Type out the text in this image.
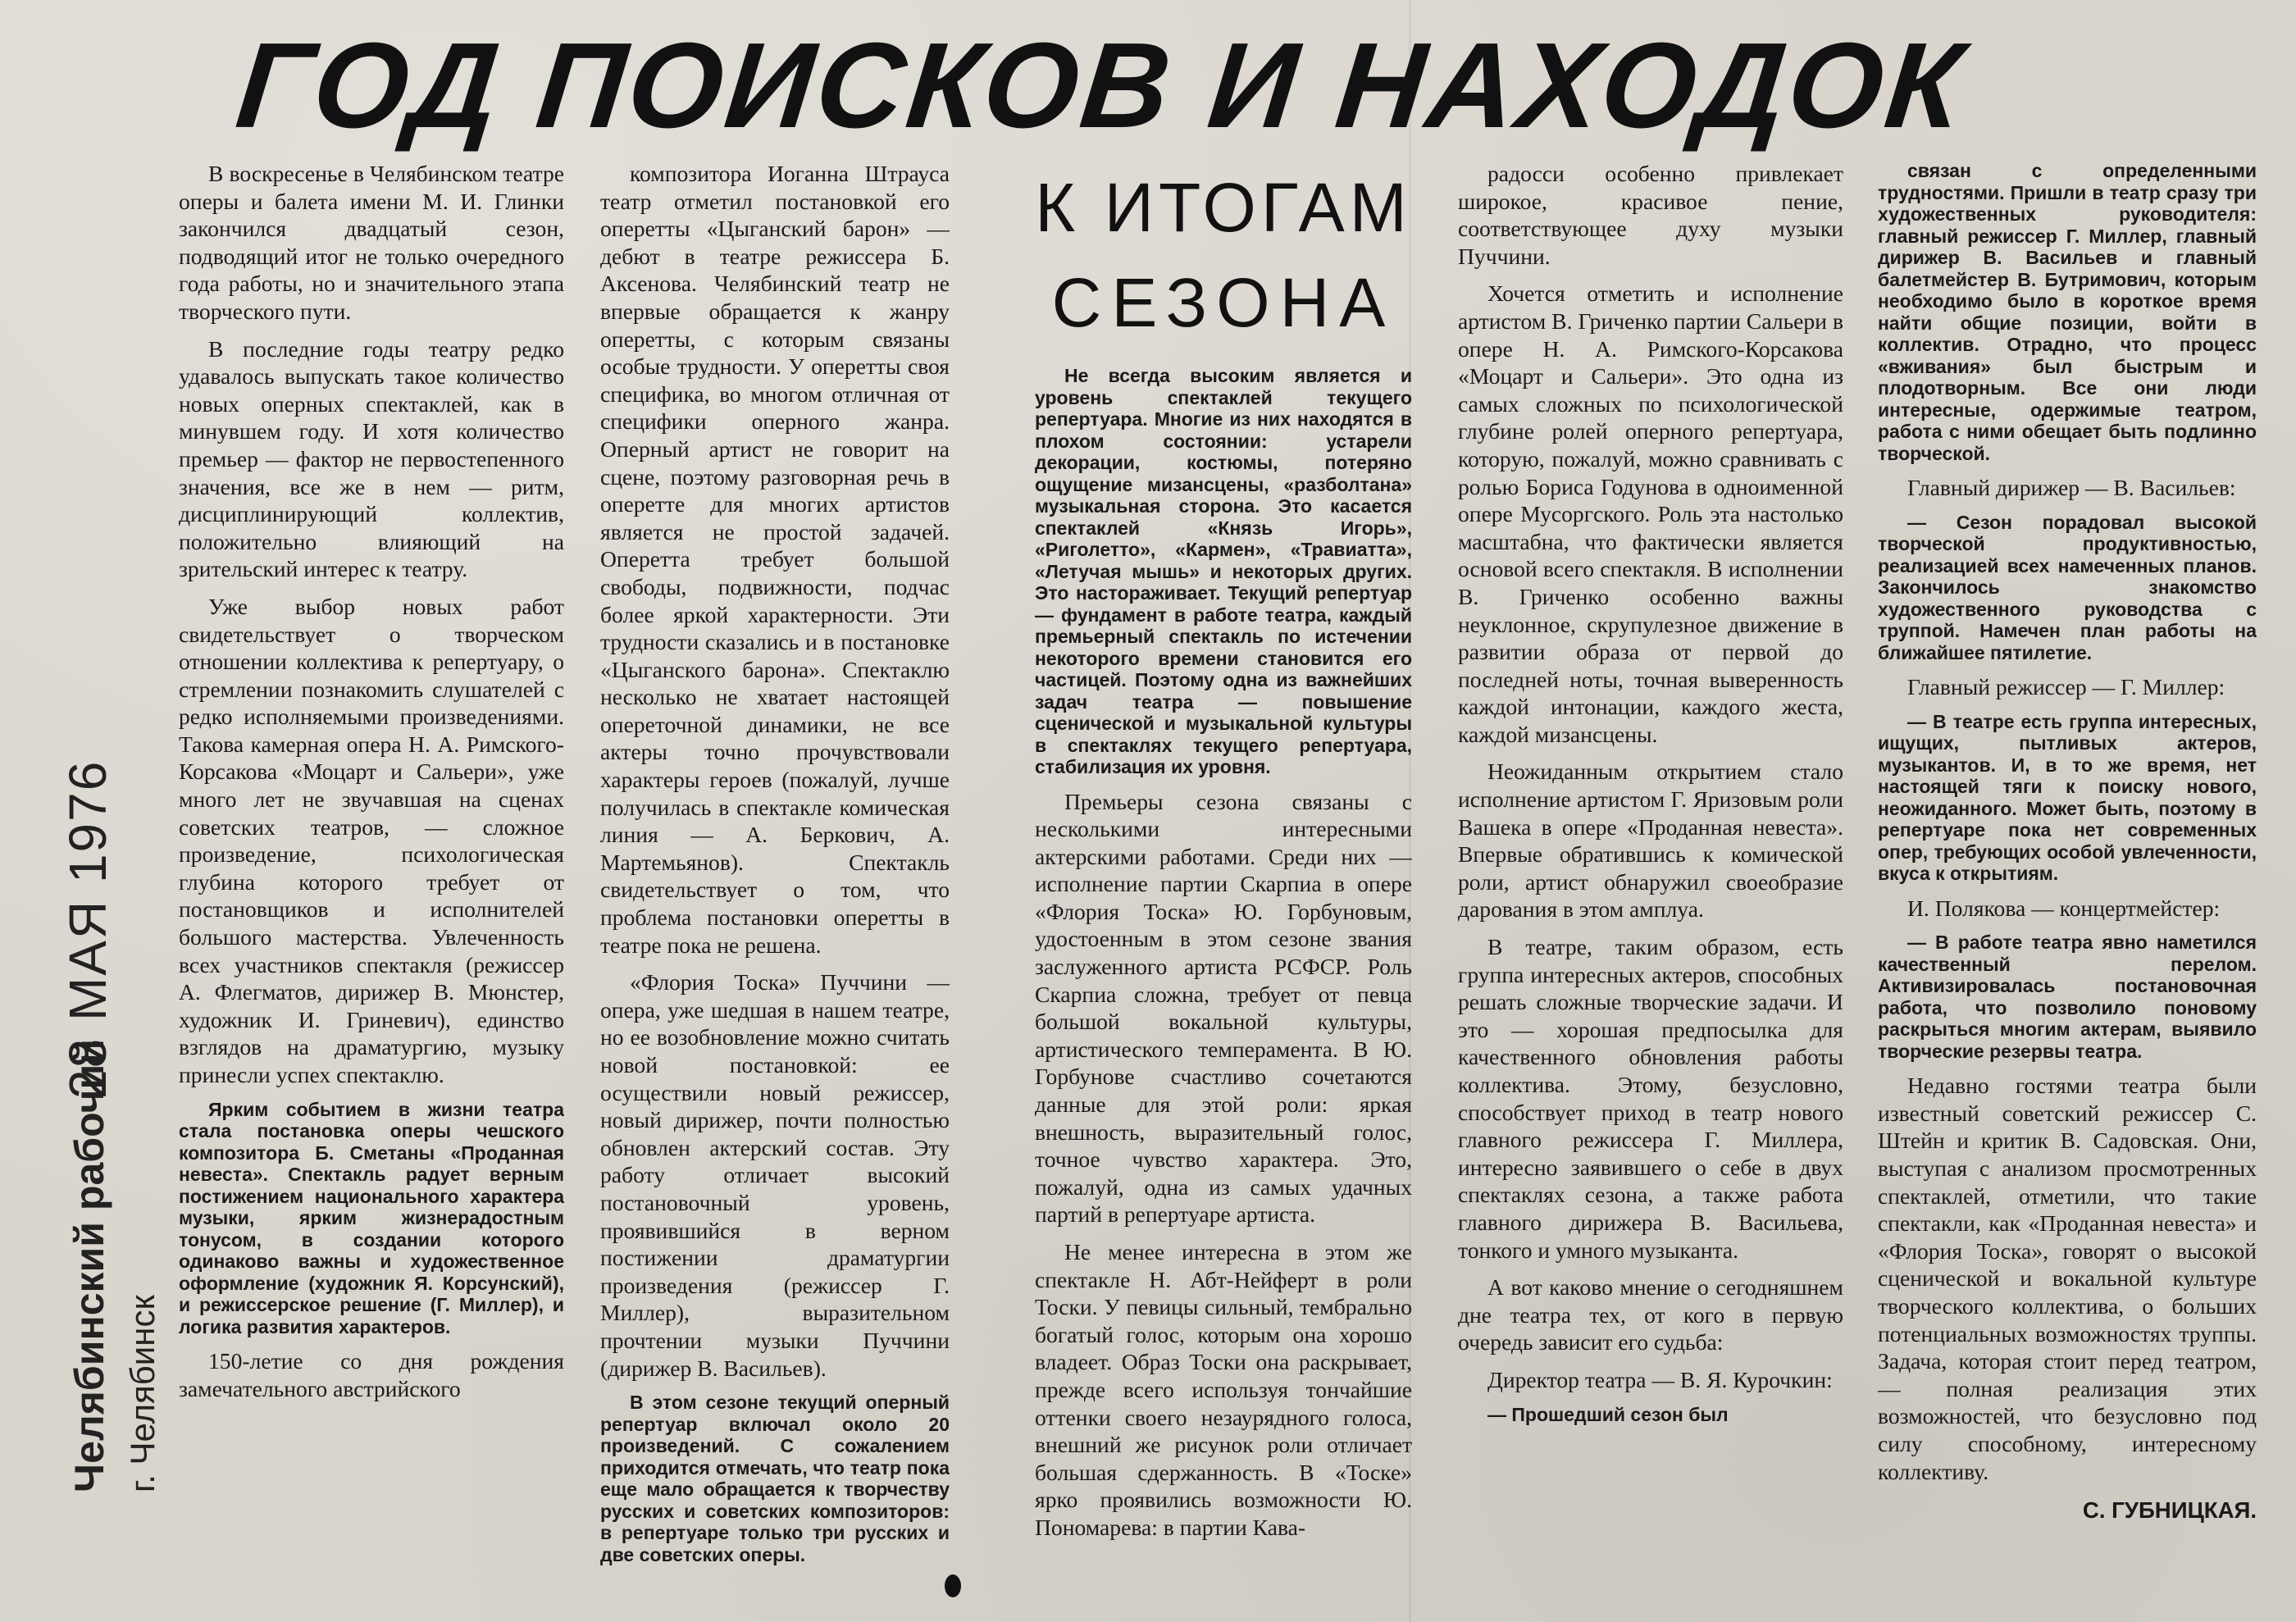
ГОД ПОИСКОВ И НАХОДОК
28 МАЯ 1976
Челябинский рабочий г. Челябинск

В воскресенье в Челябинском театре оперы и балета имени М. И. Глинки закончился двадцатый сезон, подводящий итог не только очередного года работы, но и значительного этапа творческого пути.

В последние годы театру редко удавалось выпускать такое количество новых оперных спектаклей, как в минувшем году. И хотя количество премьер — фактор не первостепенного значения, все же в нем — ритм, дисциплинирующий коллектив, положительно влияющий на зрительский интерес к театру.

Уже выбор новых работ свидетельствует о творческом отношении коллектива к репертуару, о стремлении познакомить слушателей с редко исполняемыми произведениями. Такова камерная опера Н. А. Римского-Корсакова «Моцарт и Сальери», уже много лет не звучавшая на сценах советских театров, — сложное произведение, психологическая глубина которого требует от постановщиков и исполнителей большого мастерства. Увлеченность всех участников спектакля (режиссер А. Флегматов, дирижер В. Мюнстер, художник И. Гриневич), единство взглядов на драматургию, музыку принесли успех спектаклю.

Ярким событием в жизни театра стала постановка оперы чешского композитора Б. Сметаны «Проданная невеста». Спектакль радует верным постижением национального характера музыки, ярким жизнерадостным тонусом, в создании которого одинаково важны и художественное оформление (художник Я. Корсунский), и режиссерское решение (Г. Миллер), и логика развития характеров.

150-летие со дня рождения замечательного австрийского

композитора Иоганна Штрауса театр отметил постановкой его оперетты «Цыганский барон» — дебют в театре режиссера Б. Аксенова. Челябинский театр не впервые обращается к жанру оперетты, с которым связаны особые трудности. У оперетты своя специфика, во многом отличная от специфики оперного жанра. Оперный артист не говорит на сцене, поэтому разговорная речь в оперетте для многих артистов является не простой задачей. Оперетта требует большой свободы, подвижности, подчас более яркой характерности. Эти трудности сказались и в постановке «Цыганского барона». Спектаклю несколько не хватает настоящей опереточной динамики, не все актеры точно прочувствовали характеры героев (пожалуй, лучше получилась в спектакле комическая линия — А. Беркович, А. Мартемьянов). Спектакль свидетельствует о том, что проблема постановки оперетты в театре пока не решена.

«Флория Тоска» Пуччини — опера, уже шедшая в нашем театре, но ее возобновление можно считать новой постановкой: ее осуществили новый режиссер, новый дирижер, почти полностью обновлен актерский состав. Эту работу отличает высокий постановочный уровень, проявившийся в верном постижении драматургии произведения (режиссер Г. Миллер), выразительном прочтении музыки Пуччини (дирижер В. Васильев).

В этом сезоне текущий оперный репертуар включал около 20 произведений. С сожалением приходится отмечать, что театр пока еще мало обращается к творчеству русских и советских композиторов: в репертуаре только три русских и две советских оперы.

К ИТОГАМ
СЕЗОНА

Не всегда высоким является и уровень спектаклей текущего репертуара. Многие из них находятся в плохом состоянии: устарели декорации, костюмы, потеряно ощущение мизансцены, «разболтана» музыкальная сторона. Это касается спектаклей «Князь Игорь», «Риголетто», «Кармен», «Травиатта», «Летучая мышь» и некоторых других. Это настораживает. Текущий репертуар — фундамент в работе театра, каждый премьерный спектакль по истечении некоторого времени становится его частицей. Поэтому одна из важнейших задач театра — повышение сценической и музыкальной культуры в спектаклях текущего репертуара, стабилизация их уровня.

Премьеры сезона связаны с несколькими интересными актерскими работами. Среди них — исполнение партии Скарпиа в опере «Флория Тоска» Ю. Горбуновым, удостоенным в этом сезоне звания заслуженного артиста РСФСР. Роль Скарпиа сложна, требует от певца большой вокальной культуры, артистического темперамента. В Ю. Горбунове счастливо сочетаются данные для этой роли: яркая внешность, выразительный голос, точное чувство характера. Это, пожалуй, одна из самых удачных партий в репертуаре артиста.

Не менее интересна в этом же спектакле Н. Абт-Нейферт в роли Тоски. У певицы сильный, тембрально богатый голос, которым она хорошо владеет. Образ Тоски она раскрывает, прежде всего используя тончайшие оттенки своего незаурядного голоса, внешний же рисунок роли отличает большая сдержанность. В «Тоске» ярко проявились возможности Ю. Пономарева: в партии Кава-

радосси особенно привлекает широкое, красивое пение, соответствующее духу музыки Пуччини.

Хочется отметить и исполнение артистом В. Гриченко партии Сальери в опере Н. А. Римского-Корсакова «Моцарт и Сальери». Это одна из самых сложных по психологической глубине ролей оперного репертуара, которую, пожалуй, можно сравнивать с ролью Бориса Годунова в одноименной опере Мусоргского. Роль эта настолько масштабна, что фактически является основой всего спектакля. В исполнении В. Гриченко особенно важны неуклонное, скрупулезное движение в развитии образа от первой до последней ноты, точная выверенность каждой интонации, каждого жеста, каждой мизансцены.

Неожиданным открытием стало исполнение артистом Г. Яризовым роли Вашека в опере «Проданная невеста». Впервые обратившись к комической роли, артист обнаружил своеобразие дарования в этом амплуа.

В театре, таким образом, есть группа интересных актеров, способных решать сложные творческие задачи. И это — хорошая предпосылка для качественного обновления работы коллектива. Этому, безусловно, способствует приход в театр нового главного режиссера Г. Миллера, интересно заявившего о себе в двух спектаклях сезона, а также работа главного дирижера В. Васильева, тонкого и умного музыканта.

А вот каково мнение о сегодняшнем дне театра тех, от кого в первую очередь зависит его судьба:

Директор театра — В. Я. Курочкин:

— Прошедший сезон был

связан с определенными трудностями. Пришли в театр сразу три художественных руководителя: главный режиссер Г. Миллер, главный дирижер В. Васильев и главный балетмейстер В. Бутримович, которым необходимо было в короткое время найти общие позиции, войти в коллектив. Отрадно, что процесс «вживания» был быстрым и плодотворным. Все они люди интересные, одержимые театром, работа с ними обещает быть подлинно творческой.

Главный дирижер — В. Васильев:

— Сезон порадовал высокой творческой продуктивностью, реализацией всех намеченных планов. Закончилось знакомство художественного руководства с труппой. Намечен план работы на ближайшее пятилетие.

Главный режиссер — Г. Миллер:

— В театре есть группа интересных, ищущих, пытливых актеров, музыкантов. И, в то же время, нет настоящей тяги к поиску нового, неожиданного. Может быть, поэтому в репертуаре пока нет современных опер, требующих особой увлеченности, вкуса к открытиям.

И. Полякова — концертмейстер:

— В работе театра явно наметился качественный перелом. Активизировалась постановочная работа, что позволило поновому раскрыться многим актерам, выявило творческие резервы театра.

Недавно гостями театра были известный советский режиссер С. Штейн и критик В. Садовская. Они, выступая с анализом просмотренных спектаклей, отметили, что такие спектакли, как «Проданная невеста» и «Флория Тоска», говорят о высокой сценической и вокальной культуре творческого коллектива, о больших потенциальных возможностях труппы. Задача, которая стоит перед театром, — полная реализация этих возможностей, что безусловно под силу способному, интересному коллективу.

С. ГУБНИЦКАЯ.
